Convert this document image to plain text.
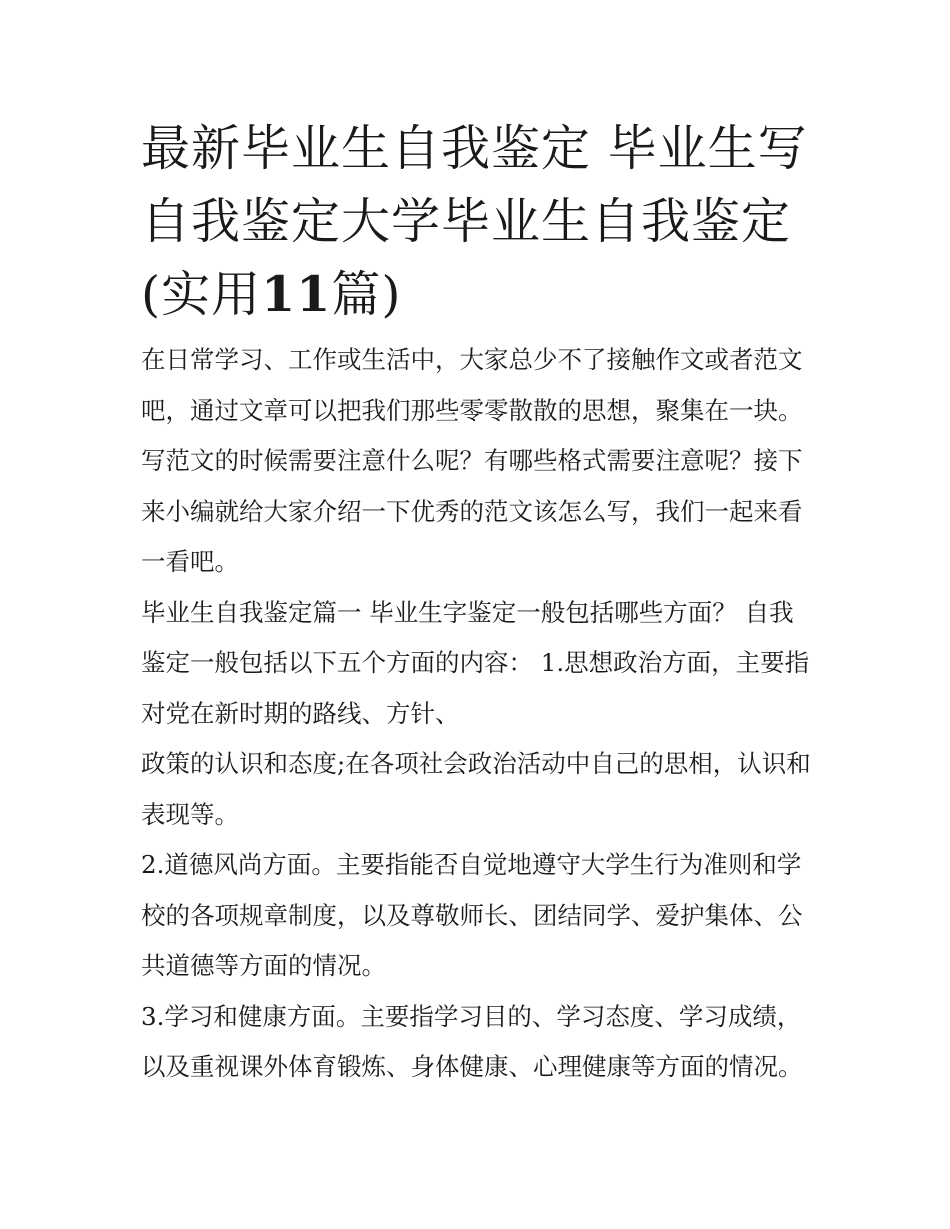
最新毕业生自我鉴定 毕业生写
自我鉴定大学毕业生自我鉴定
(实用11篇)

在日常学习、工作或生活中，大家总少不了接触作文或者范文吧，通过文章可以把我们那些零零散散的思想，聚集在一块。写范文的时候需要注意什么呢？有哪些格式需要注意呢？接下来小编就给大家介绍一下优秀的范文该怎么写，我们一起来看一看吧。

毕业生自我鉴定篇一 毕业生字鉴定一般包括哪些方面？ 自我鉴定一般包括以下五个方面的内容： 1.思想政治方面，主要指对党在新时期的路线、方针、

政策的认识和态度;在各项社会政治活动中自己的思相，认识和表现等。

2.道德风尚方面。主要指能否自觉地遵守大学生行为准则和学校的各项规章制度，以及尊敬师长、团结同学、爱护集体、公共道德等方面的情况。

3.学习和健康方面。主要指学习目的、学习态度、学习成绩，以及重视课外体育锻炼、身体健康、心理健康等方面的情况。
